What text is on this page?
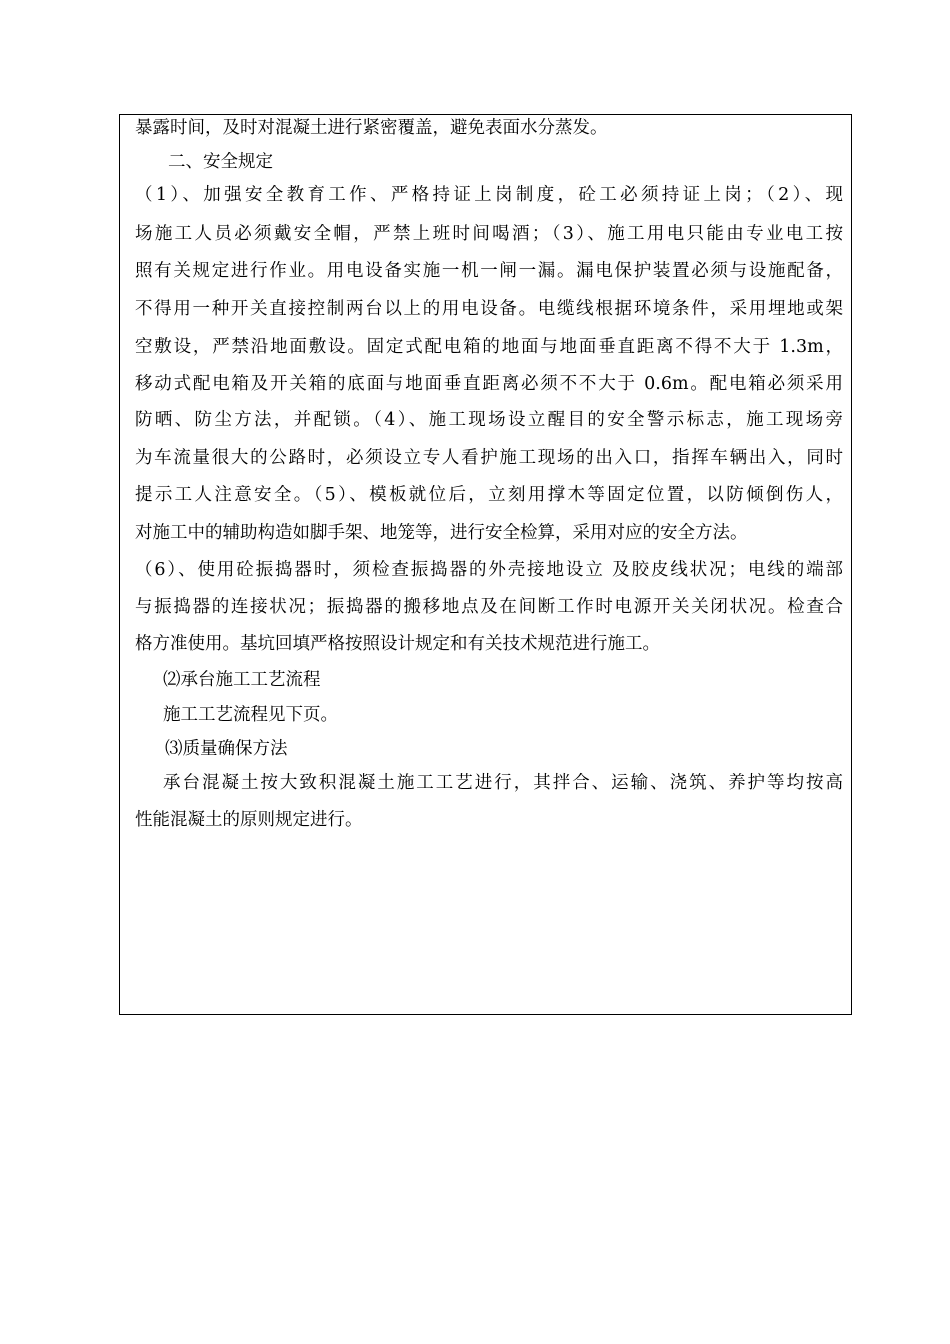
暴露时间，及时对混凝土进行紧密覆盖，避免表面水分蒸发。
二、安全规定
（1）、加强安全教育工作、严格持证上岗制度，砼工必须持证上岗；（2）、现
场施工人员必须戴安全帽，严禁上班时间喝酒；（3）、施工用电只能由专业电工按
照有关规定进行作业。用电设备实施一机一闸一漏。漏电保护装置必须与设施配备，
不得用一种开关直接控制两台以上的用电设备。电缆线根据环境条件，采用埋地或架
空敷设，严禁沿地面敷设。固定式配电箱的地面与地面垂直距离不得不大于 1.3m，
移动式配电箱及开关箱的底面与地面垂直距离必须不不大于 0.6m。配电箱必须采用
防晒、防尘方法，并配锁。（4）、施工现场设立醒目的安全警示标志，施工现场旁
为车流量很大的公路时，必须设立专人看护施工现场的出入口，指挥车辆出入，同时
提示工人注意安全。（5）、模板就位后，立刻用撑木等固定位置，以防倾倒伤人，
对施工中的辅助构造如脚手架、地笼等，进行安全检算，采用对应的安全方法。
（6）、使用砼振捣器时，须检查振捣器的外壳接地设立 及胶皮线状况；电线的端部
与振捣器的连接状况；振捣器的搬移地点及在间断工作时电源开关关闭状况。检查合
格方准使用。基坑回填严格按照设计规定和有关技术规范进行施工。
⑵承台施工工艺流程
施工工艺流程见下页。
⑶质量确保方法
承台混凝土按大致积混凝土施工工艺进行，其拌合、运输、浇筑、养护等均按高
性能混凝土的原则规定进行。
